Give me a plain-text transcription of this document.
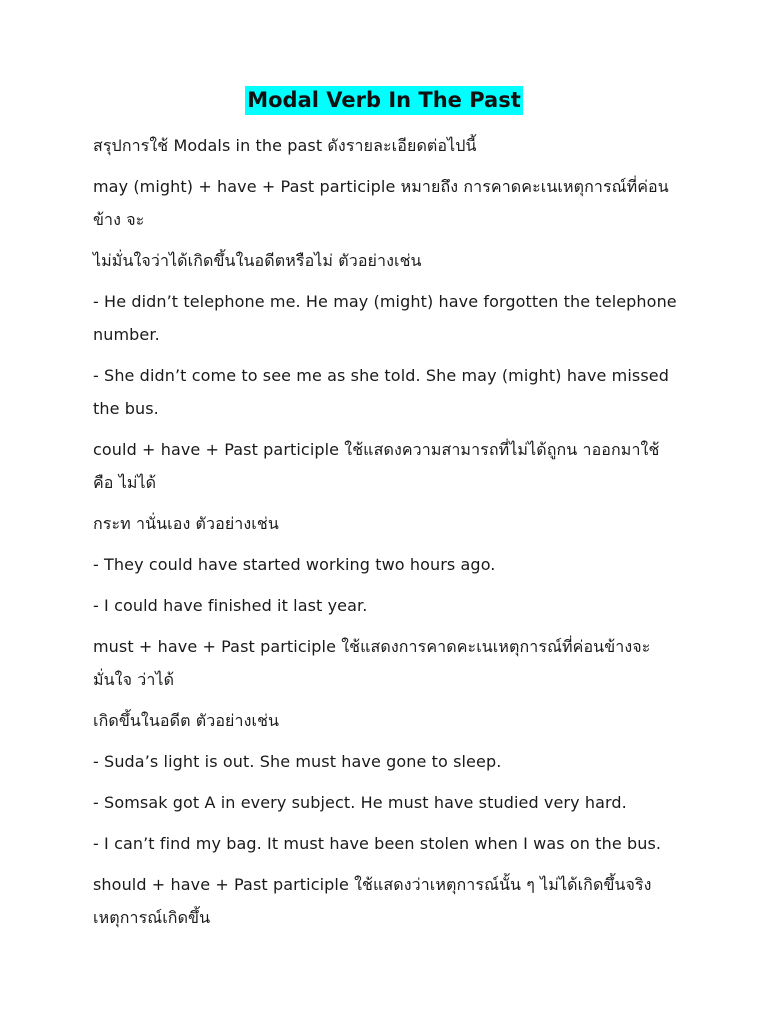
Modal Verb In The Past

สรุปการใช้ Modals in the past ดังรายละเอียดต่อไปนี้

may (might) + have + Past participle หมายถึง การคาดคะเนเหตุการณ์ที่ค่อนข้าง จะ

ไม่มั่นใจว่าได้เกิดขึ้นในอดีตหรือไม่ ตัวอย่างเช่น

- He didn’t telephone me. He may (might) have forgotten the telephone number.

- She didn’t come to see me as she told. She may (might) have missed the bus.

could + have + Past participle ใช้แสดงความสามารถที่ไม่ได้ถูกน าออกมาใช้ คือ ไม่ได้

กระท านั่นเอง ตัวอย่างเช่น

- They could have started working two hours ago.

- I could have finished it last year.

must + have + Past participle ใช้แสดงการคาดคะเนเหตุการณ์ที่ค่อนข้างจะมั่นใจ ว่าได้

เกิดขึ้นในอดีต ตัวอย่างเช่น

- Suda’s light is out. She must have gone to sleep.

- Somsak got A in every subject. He must have studied very hard.

- I can’t find my bag. It must have been stolen when I was on the bus.

should + have + Past participle ใช้แสดงว่าเหตุการณ์นั้น ๆ ไม่ได้เกิดขึ้นจริง เหตุการณ์เกิดขึ้น
